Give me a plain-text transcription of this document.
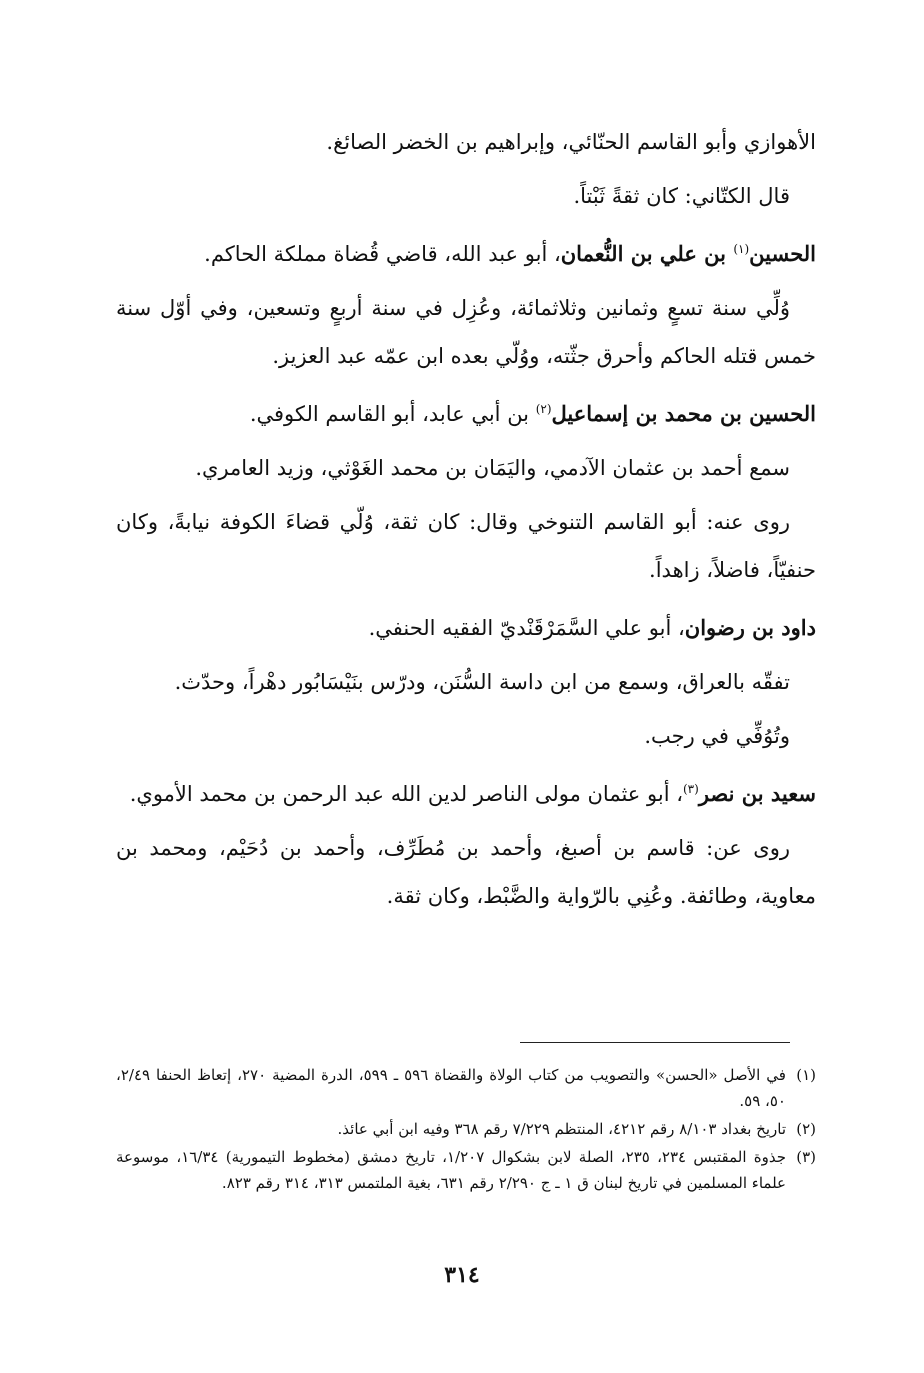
الأهوازي وأبو القاسم الحنّائي، وإبراهيم بن الخضر الصائغ.

قال الكتّاني: كان ثقةً ثَبْتاً.

الحسين$^{(١)}$ بن علي بن النُّعمان، أبو عبد الله، قاضي قُضاة مملكة الحاكم.

وُلِّي سنة تسعٍ وثمانين وثلاثمائة، وعُزِل في سنة أربعٍ وتسعين، وفي أوّل سنة خمس قتله الحاكم وأحرق جثّته، ووُلّي بعده ابن عمّه عبد العزيز.

الحسين بن محمد بن إسماعيل$^{(٢)}$ بن أبي عابد، أبو القاسم الكوفي.

سمع أحمد بن عثمان الآدمي، واليَمَان بن محمد الغَوْثي، وزيد العامري.

روى عنه: أبو القاسم التنوخي وقال: كان ثقة، وُلّي قضاءَ الكوفة نيابةً، وكان حنفيّاً، فاضلاً، زاهداً.

داود بن رضوان، أبو علي السَّمَرْقَنْديّ الفقيه الحنفي.

تفقّه بالعراق، وسمع من ابن داسة السُّنَن، ودرّس بنَيْسَابُور دهْراً، وحدّث.

وتُوُفِّي في رجب.

سعيد بن نصر$^{(٣)}$، أبو عثمان مولى الناصر لدين الله عبد الرحمن بن محمد الأموي.

روى عن: قاسم بن أصبغ، وأحمد بن مُطَرِّف، وأحمد بن دُحَيْم، ومحمد بن معاوية، وطائفة. وعُنِي بالرّواية والضَّبْط، وكان ثقة.

(١)في الأصل «الحسن» والتصويب من كتاب الولاة والقضاة ٥٩٦ ـ ٥٩٩، الدرة المضية ٢٧٠، إتعاظ الحنفا ٢/٤٩، ٥٠، ٥٩.

(٢)تاريخ بغداد ٨/١٠٣ رقم ٤٢١٢، المنتظم ٧/٢٢٩ رقم ٣٦٨ وفيه ابن أبي عائذ.

(٣)جذوة المقتبس ٢٣٤، ٢٣٥، الصلة لابن بشكوال ١/٢٠٧، تاريخ دمشق (مخطوط التيمورية) ١٦/٣٤، موسوعة علماء المسلمين في تاريخ لبنان ق ١ ـ ج ٢/٢٩٠ رقم ٦٣١، بغية الملتمس ٣١٣، ٣١٤ رقم ٨٢٣.

٣١٤
